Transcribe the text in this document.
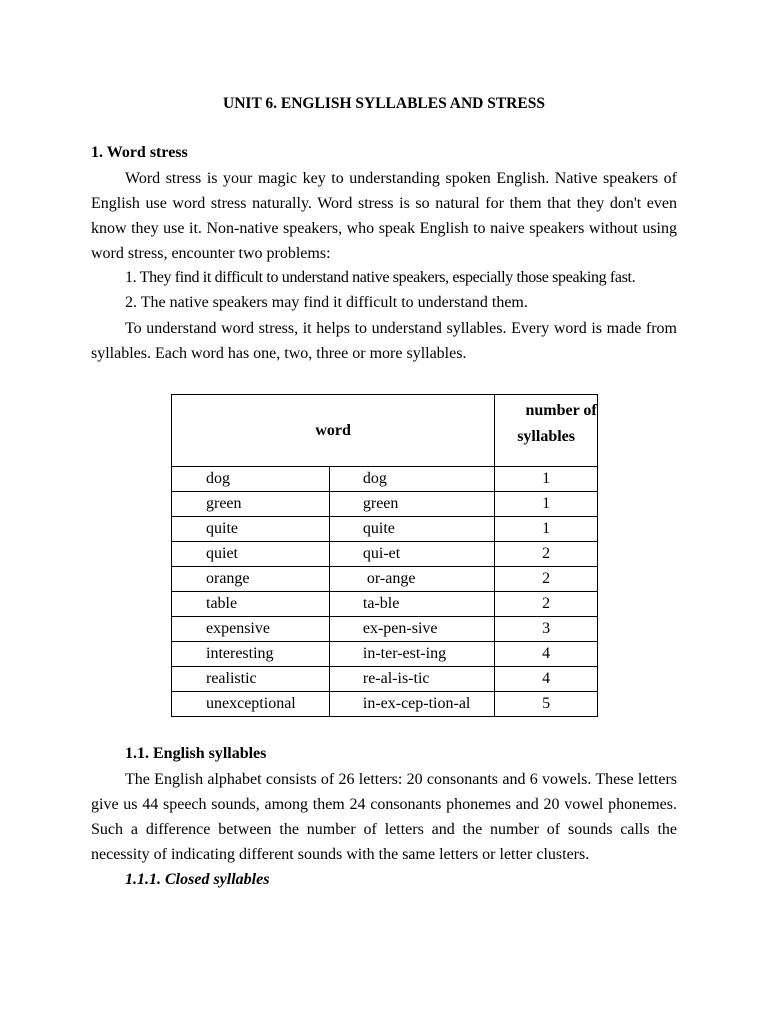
UNIT 6. ENGLISH SYLLABLES AND STRESS
1. Word stress

Word stress is your magic key to understanding spoken English. Native speakers of English use word stress naturally. Word stress is so natural for them that they don't even know they use it. Non-native speakers, who speak English to naive speakers without using word stress, encounter two problems:

1. They find it difficult to understand native speakers, especially those speaking fast.
2. The native speakers may find it difficult to understand them.

To understand word stress, it helps to understand syllables. Every word is made from syllables. Each word has one, two, three or more syllables.

word		number of
syllables

dog	dog	1
green	green	1
quite	quite	1
quiet	qui-et	2
orange	or-ange	2
table	ta-ble	2
expensive	ex-pen-sive	3
interesting	in-ter-est-ing	4
realistic	re-al-is-tic	4
unexceptional	in-ex-cep-tion-al	5
1.1. English syllables

The English alphabet consists of 26 letters: 20 consonants and 6 vowels. These letters give us 44 speech sounds, among them 24 consonants phonemes and 20 vowel phonemes. Such a difference between the number of letters and the number of sounds calls the necessity of indicating different sounds with the same letters or letter clusters.

1.1.1. Closed syllables
